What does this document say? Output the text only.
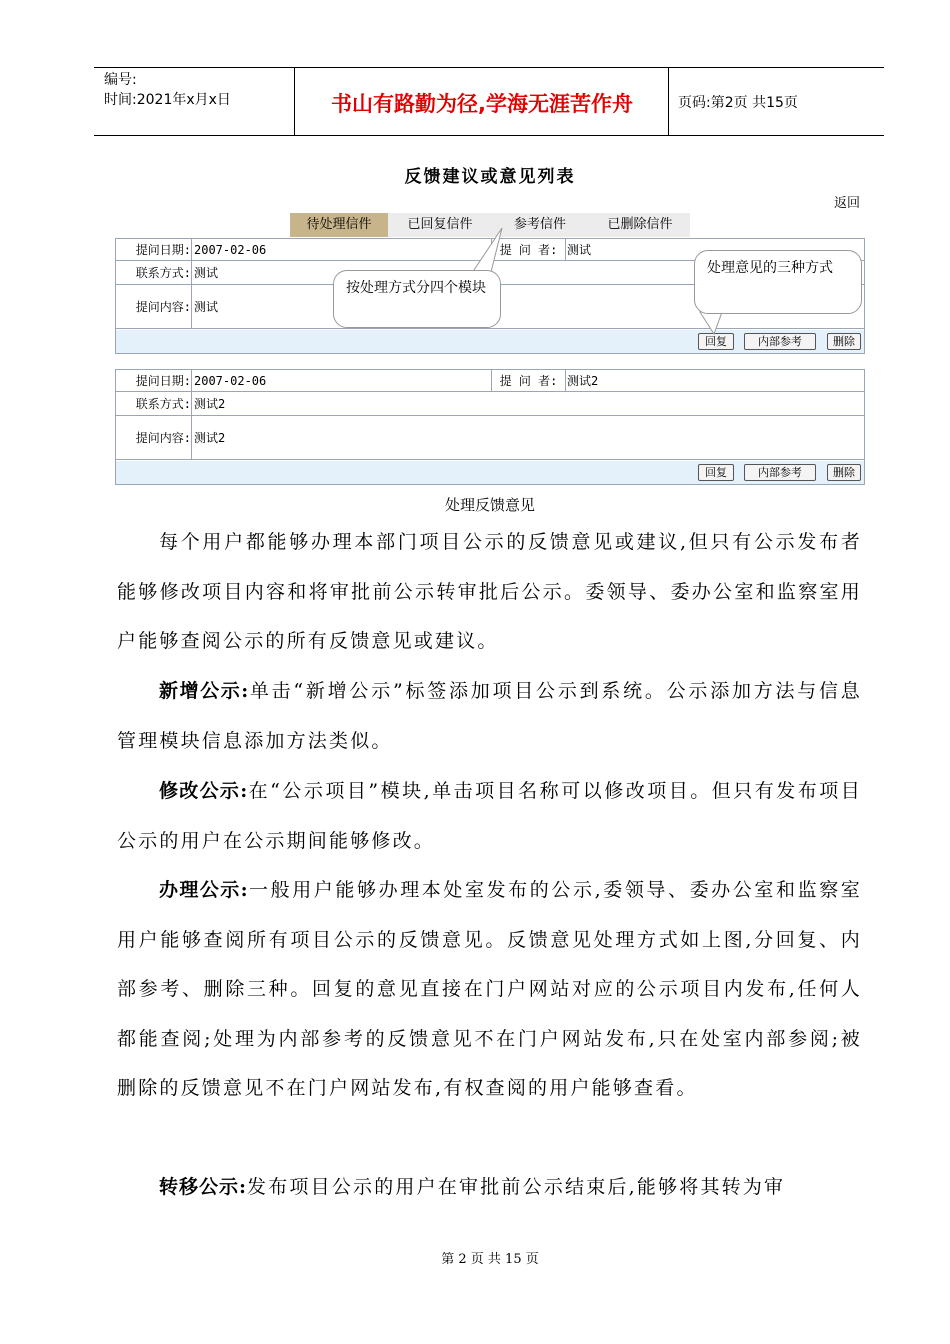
编号:
时间:2021年x月x日	书山有路勤为径,学海无涯苦作舟	页码:第2页 共15页
反馈建议或意见列表
返回
待处理信件	已回复信件	参考信件	已删除信件
提问日期: 2007-02-06	提 问 者: 测试
联系方式: 测试
提问内容: 测试
回复	内部参考	删除
提问日期: 2007-02-06	提 问 者: 测试2
联系方式: 测试2
提问内容: 测试2
回复	内部参考	删除
按处理方式分四个模块
处理意见的三种方式
处理反馈意见
每个用户都能够办理本部门项目公示的反馈意见或建议,但只有公示发布者能够修改项目内容和将审批前公示转审批后公示。委领导、委办公室和监察室用户能够查阅公示的所有反馈意见或建议。
新增公示:单击“新增公示”标签添加项目公示到系统。公示添加方法与信息管理模块信息添加方法类似。
修改公示:在“公示项目”模块,单击项目名称可以修改项目。但只有发布项目公示的用户在公示期间能够修改。
办理公示:一般用户能够办理本处室发布的公示,委领导、委办公室和监察室用户能够查阅所有项目公示的反馈意见。反馈意见处理方式如上图,分回复、内部参考、删除三种。回复的意见直接在门户网站对应的公示项目内发布,任何人都能查阅;处理为内部参考的反馈意见不在门户网站发布,只在处室内部参阅;被删除的反馈意见不在门户网站发布,有权查阅的用户能够查看。
转移公示:发布项目公示的用户在审批前公示结束后,能够将其转为审
第 2 页 共 15 页
